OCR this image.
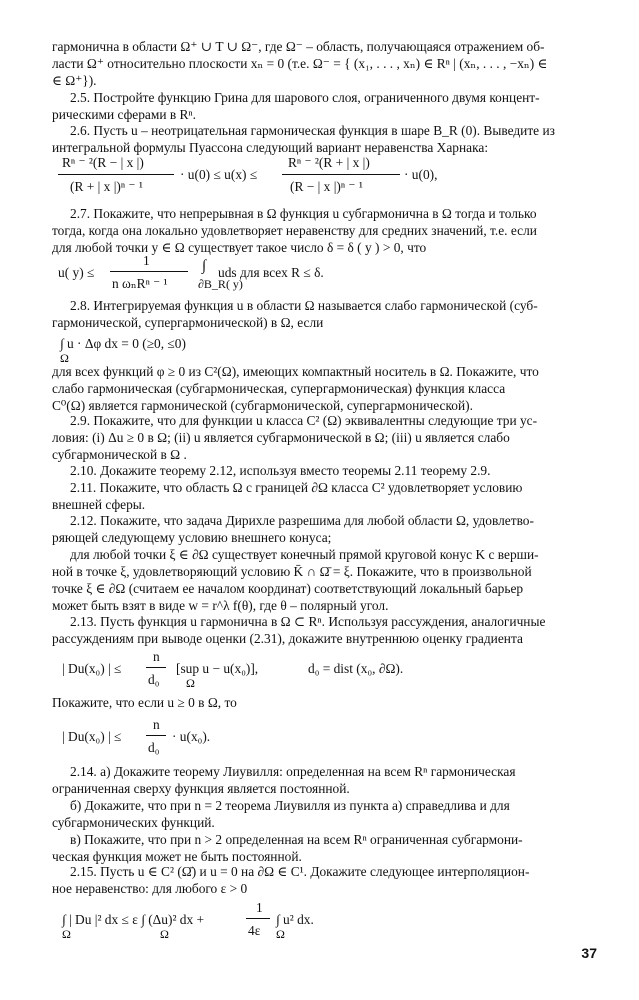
гармонична в области Ω⁺ ∪ T ∪ Ω⁻, где Ω⁻ – область, получающаяся отражением об-
ласти Ω⁺ относительно плоскости xₙ = 0 (т.е. Ω⁻ = { (x₁, . . . , xₙ) ∈ Rⁿ | (xₙ, . . . , −xₙ) ∈
∈ Ω⁺}).
2.5. Постройте функцию Грина для шарового слоя, ограниченного двумя концент-
рическими сферами в Rⁿ.
2.6. Пусть u – неотрицательная гармоническая функция в шаре B_R (0). Выведите из
интегральной формулы Пуассона следующий вариант неравенства Харнака:
Rⁿ ⁻ ²(R − | x |)
(R + | x |)ⁿ ⁻ ¹
· u(0) ≤ u(x) ≤
Rⁿ ⁻ ²(R + | x |)
(R − | x |)ⁿ ⁻ ¹
· u(0),
2.7. Покажите, что непрерывная в Ω функция u субгармонична в Ω тогда и только
тогда, когда она локально удовлетворяет неравенству для средних значений, т.е. если
для любой точки y ∈ Ω существует такое число δ = δ ( y ) > 0, что
u( y) ≤
1
n ωₙRⁿ ⁻ ¹
∫
∂B_R( y)
uds для всех R ≤ δ.
2.8. Интегрируемая функция u в области Ω называется слабо гармонической (суб-
гармонической, супергармонической) в Ω, если
∫ u · Δφ dx = 0 (≥0, ≤0)
Ω
для всех функций φ ≥ 0 из C²(Ω), имеющих компактный носитель в Ω. Покажите, что
слабо гармоническая (субгармоническая, супергармоническая) функция класса
C⁰(Ω) является гармонической (субгармонической, супергармонической).
2.9. Покажите, что для функции u класса C² (Ω) эквивалентны следующие три ус-
ловия: (i) Δu ≥ 0 в Ω; (ii) u является субгармонической в Ω; (iii) u является слабо
субгармонической в Ω .
2.10. Докажите теорему 2.12, используя вместо теоремы 2.11 теорему 2.9.
2.11. Покажите, что область Ω с границей ∂Ω класса C² удовлетворяет условию
внешней сферы.
2.12. Покажите, что задача Дирихле разрешима для любой области Ω, удовлетво-
ряющей следующему условию внешнего конуса;
для любой точки ξ ∈ ∂Ω существует конечный прямой круговой конус K с верши-
ной в точке ξ, удовлетворяющий условию K̄ ∩ Ω̄ = ξ. Покажите, что в произвольной
точке ξ ∈ ∂Ω (считаем ее началом координат) соответствующий локальный барьер
может быть взят в виде w = r^λ f(θ), где θ – полярный угол.
2.13. Пусть функция u гармонична в Ω ⊂ Rⁿ. Используя рассуждения, аналогичные
рассуждениям при выводе оценки (2.31), докажите внутреннюю оценку градиента
| Du(x₀) | ≤
n
d₀
[sup u − u(x₀)],
Ω
d₀ = dist (x₀, ∂Ω).
Покажите, что если u ≥ 0 в Ω, то
| Du(x₀) | ≤
n
d₀
· u(x₀).
2.14. а) Докажите теорему Лиувилля: определенная на всем Rⁿ гармоническая
ограниченная сверху функция является постоянной.
б) Докажите, что при n = 2 теорема Лиувилля из пункта а) справедлива и для
субгармонических функций.
в) Покажите, что при n > 2 определенная на всем Rⁿ ограниченная субгармони-
ческая функция может не быть постоянной.
2.15. Пусть u ∈ C² (Ω̄) и u = 0 на ∂Ω ∈ C¹. Докажите следующее интерполяцион-
ное неравенство: для любого ε > 0
∫ | Du |² dx ≤ ε ∫ (Δu)² dx +
Ω	Ω
1
4ε
∫ u² dx.
Ω
37
